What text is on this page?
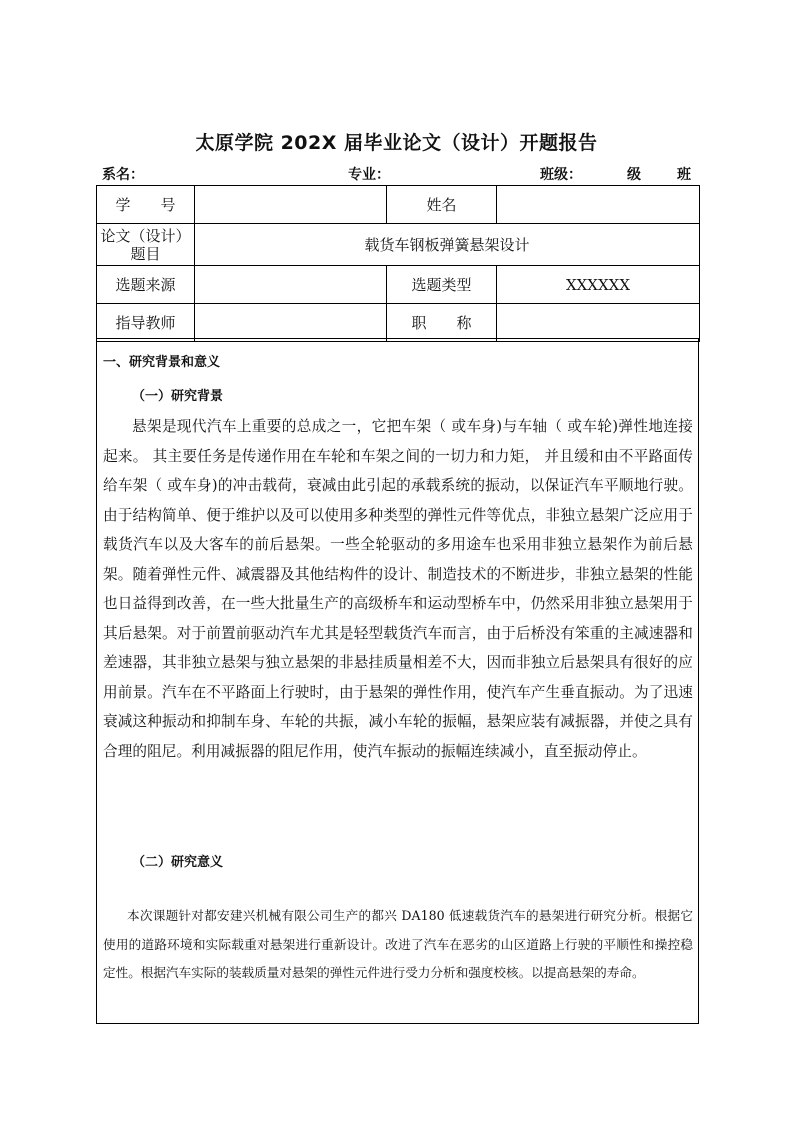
太原学院 202X 届毕业论文（设计）开题报告
系名：	专业：	班级：	级	班
学　　号		姓名	
论文（设计）题目	载货车钢板弹簧悬架设计		
选题来源		选题类型	XXXXXX
指导教师		职　　称	
一、研究背景和意义
（一）研究背景
悬架是现代汽车上重要的总成之一，它把车架（ 或车身)与车轴（ 或车轮)弹性地连接起来。 其主要任务是传递作用在车轮和车架之间的一切力和力矩， 并且缓和由不平路面传给车架（ 或车身)的冲击载荷，衰减由此引起的承载系统的振动，以保证汽车平顺地行驶。由于结构简单、便于维护以及可以使用多种类型的弹性元件等优点，非独立悬架广泛应用于载货汽车以及大客车的前后悬架。一些全轮驱动的多用途车也采用非独立悬架作为前后悬架。随着弹性元件、减震器及其他结构件的设计、制造技术的不断进步，非独立悬架的性能也日益得到改善，在一些大批量生产的高级桥车和运动型桥车中，仍然采用非独立悬架用于其后悬架。对于前置前驱动汽车尤其是轻型载货汽车而言，由于后桥没有笨重的主减速器和差速器，其非独立悬架与独立悬架的非悬挂质量相差不大，因而非独立后悬架具有很好的应用前景。汽车在不平路面上行驶时，由于悬架的弹性作用，使汽车产生垂直振动。为了迅速衰减这种振动和抑制车身、车轮的共振，减小车轮的振幅，悬架应装有减振器，并使之具有合理的阻尼。利用减振器的阻尼作用，使汽车振动的振幅连续减小，直至振动停止。
（二）研究意义
本次课题针对都安建兴机械有限公司生产的都兴 DA180 低速载货汽车的悬架进行研究分析。根据它使用的道路环境和实际载重对悬架进行重新设计。改进了汽车在恶劣的山区道路上行驶的平顺性和操控稳定性。根据汽车实际的装载质量对悬架的弹性元件进行受力分析和强度校核。以提高悬架的寿命。
